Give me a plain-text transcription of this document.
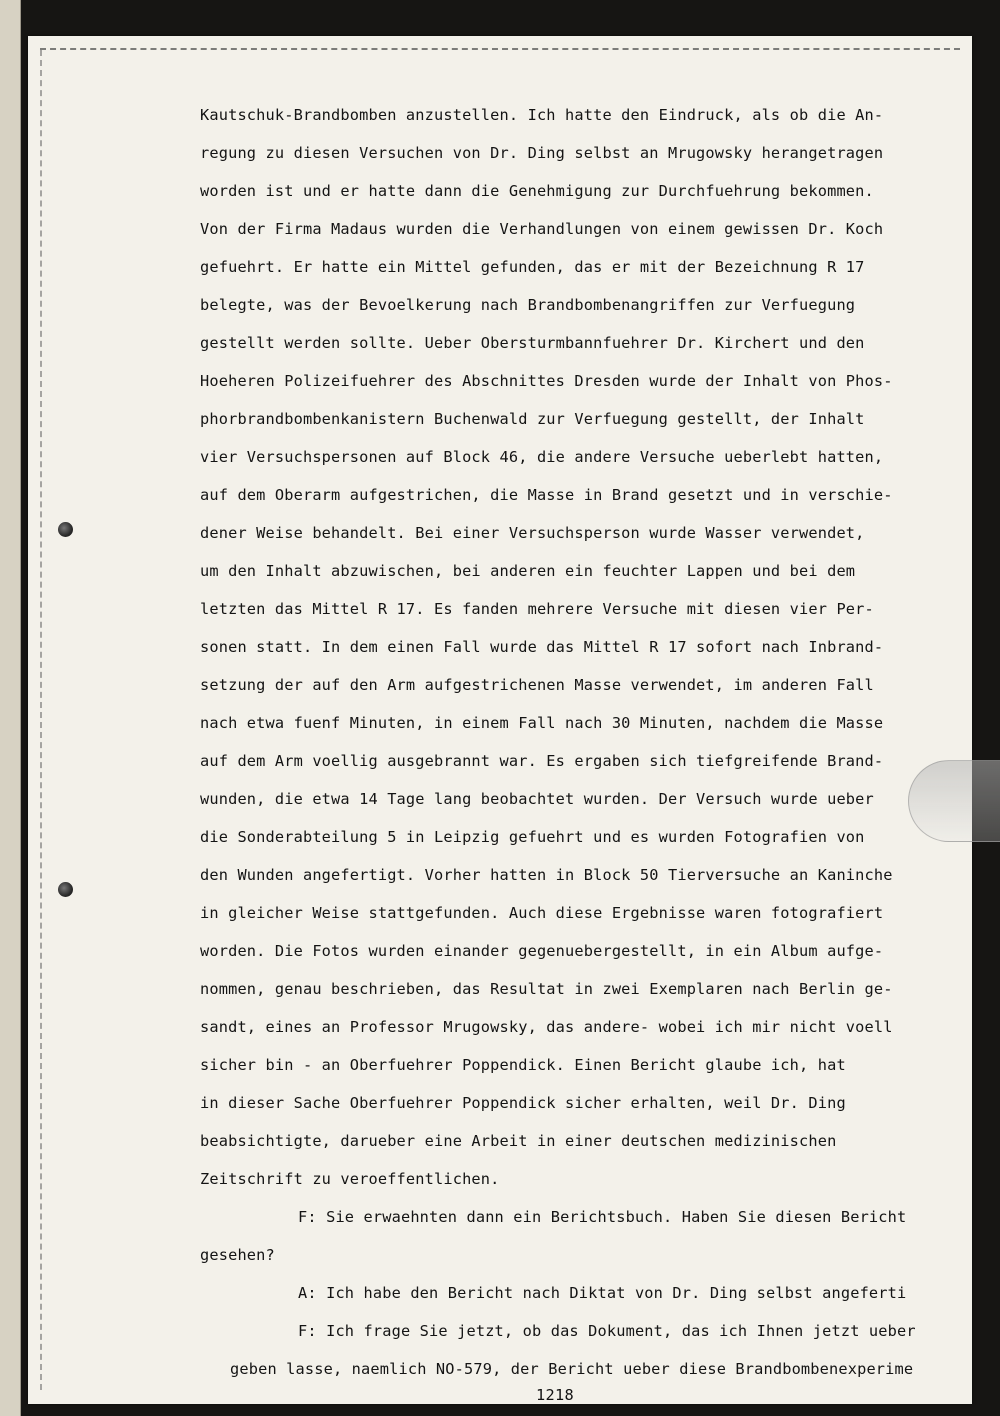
Kautschuk-Brandbomben anzustellen. Ich hatte den Eindruck, als ob die An-
regung zu diesen Versuchen von Dr. Ding selbst an Mrugowsky herangetragen
worden ist und er hatte dann die Genehmigung zur Durchfuehrung bekommen.
Von der Firma Madaus wurden die Verhandlungen von einem gewissen Dr. Koch
gefuehrt. Er hatte ein Mittel gefunden, das er mit der Bezeichnung R 17
belegte, was der Bevoelkerung nach Brandbombenangriffen zur Verfuegung
gestellt werden sollte. Ueber Obersturmbannfuehrer Dr. Kirchert und den
Hoeheren Polizeifuehrer des Abschnittes Dresden wurde der Inhalt von Phos-
phorbrandbombenkanistern Buchenwald zur Verfuegung gestellt, der Inhalt
vier Versuchspersonen auf Block 46, die andere Versuche ueberlebt hatten,
auf dem Oberarm aufgestrichen, die Masse in Brand gesetzt und in verschie-
dener Weise behandelt. Bei einer Versuchsperson wurde Wasser verwendet,
um den Inhalt abzuwischen, bei anderen ein feuchter Lappen und bei dem
letzten das Mittel R 17. Es fanden mehrere Versuche mit diesen vier Per-
sonen statt. In dem einen Fall wurde das Mittel R 17 sofort nach Inbrand-
setzung der auf den Arm aufgestrichenen Masse verwendet, im anderen Fall
nach etwa fuenf Minuten, in einem Fall nach 30 Minuten, nachdem die Masse
auf dem Arm voellig ausgebrannt war. Es ergaben sich tiefgreifende Brand-
wunden, die etwa 14 Tage lang beobachtet wurden. Der Versuch wurde ueber
die Sonderabteilung 5 in Leipzig gefuehrt und es wurden Fotografien von
den Wunden angefertigt. Vorher hatten in Block 50 Tierversuche an Kaninche
in gleicher Weise stattgefunden. Auch diese Ergebnisse waren fotografiert
worden. Die Fotos wurden einander gegenuebergestellt, in ein Album aufge-
nommen, genau beschrieben, das Resultat in zwei Exemplaren nach Berlin ge-
sandt, eines an Professor Mrugowsky, das andere- wobei ich mir nicht voell
sicher bin - an Oberfuehrer Poppendick. Einen Bericht glaube ich, hat
in dieser Sache Oberfuehrer Poppendick sicher erhalten, weil Dr. Ding
beabsichtigte, darueber eine Arbeit in einer deutschen medizinischen
Zeitschrift zu veroeffentlichen.
F: Sie erwaehnten dann ein Berichtsbuch. Haben Sie diesen Bericht
gesehen?
A: Ich habe den Bericht nach Diktat von Dr. Ding selbst angeferti
F: Ich frage Sie jetzt, ob das Dokument, das ich Ihnen jetzt ueber
geben lasse, naemlich NO-579, der Bericht ueber diese Brandbombenexperime
1218
